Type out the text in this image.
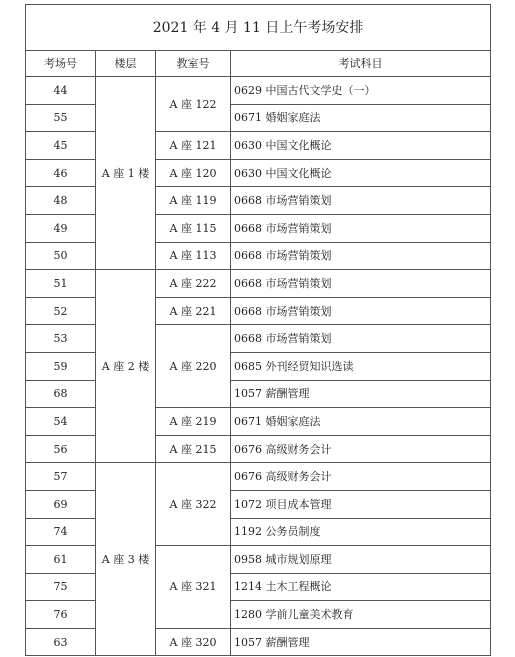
2021 年 4 月 11 日上午考场安排			
考场号	楼层	教室号	考试科目
44	A 座 1 楼	A 座 122	0629 中国古代文学史（一）
55			0671 婚姻家庭法
45		A 座 121	0630 中国文化概论
46		A 座 120	0630 中国文化概论
48		A 座 119	0668 市场营销策划
49		A 座 115	0668 市场营销策划
50		A 座 113	0668 市场营销策划
51	A 座 2 楼	A 座 222	0668 市场营销策划
52		A 座 221	0668 市场营销策划
53		A 座 220	0668 市场营销策划
59			0685 外刊经贸知识选读
68			1057 薪酬管理
54		A 座 219	0671 婚姻家庭法
56		A 座 215	0676 高级财务会计
57	A 座 3 楼	A 座 322	0676 高级财务会计
69			1072 项目成本管理
74			1192 公务员制度
61		A 座 321	0958 城市规划原理
75			1214 土木工程概论
76			1280 学前儿童美术教育
63		A 座 320	1057 薪酬管理
